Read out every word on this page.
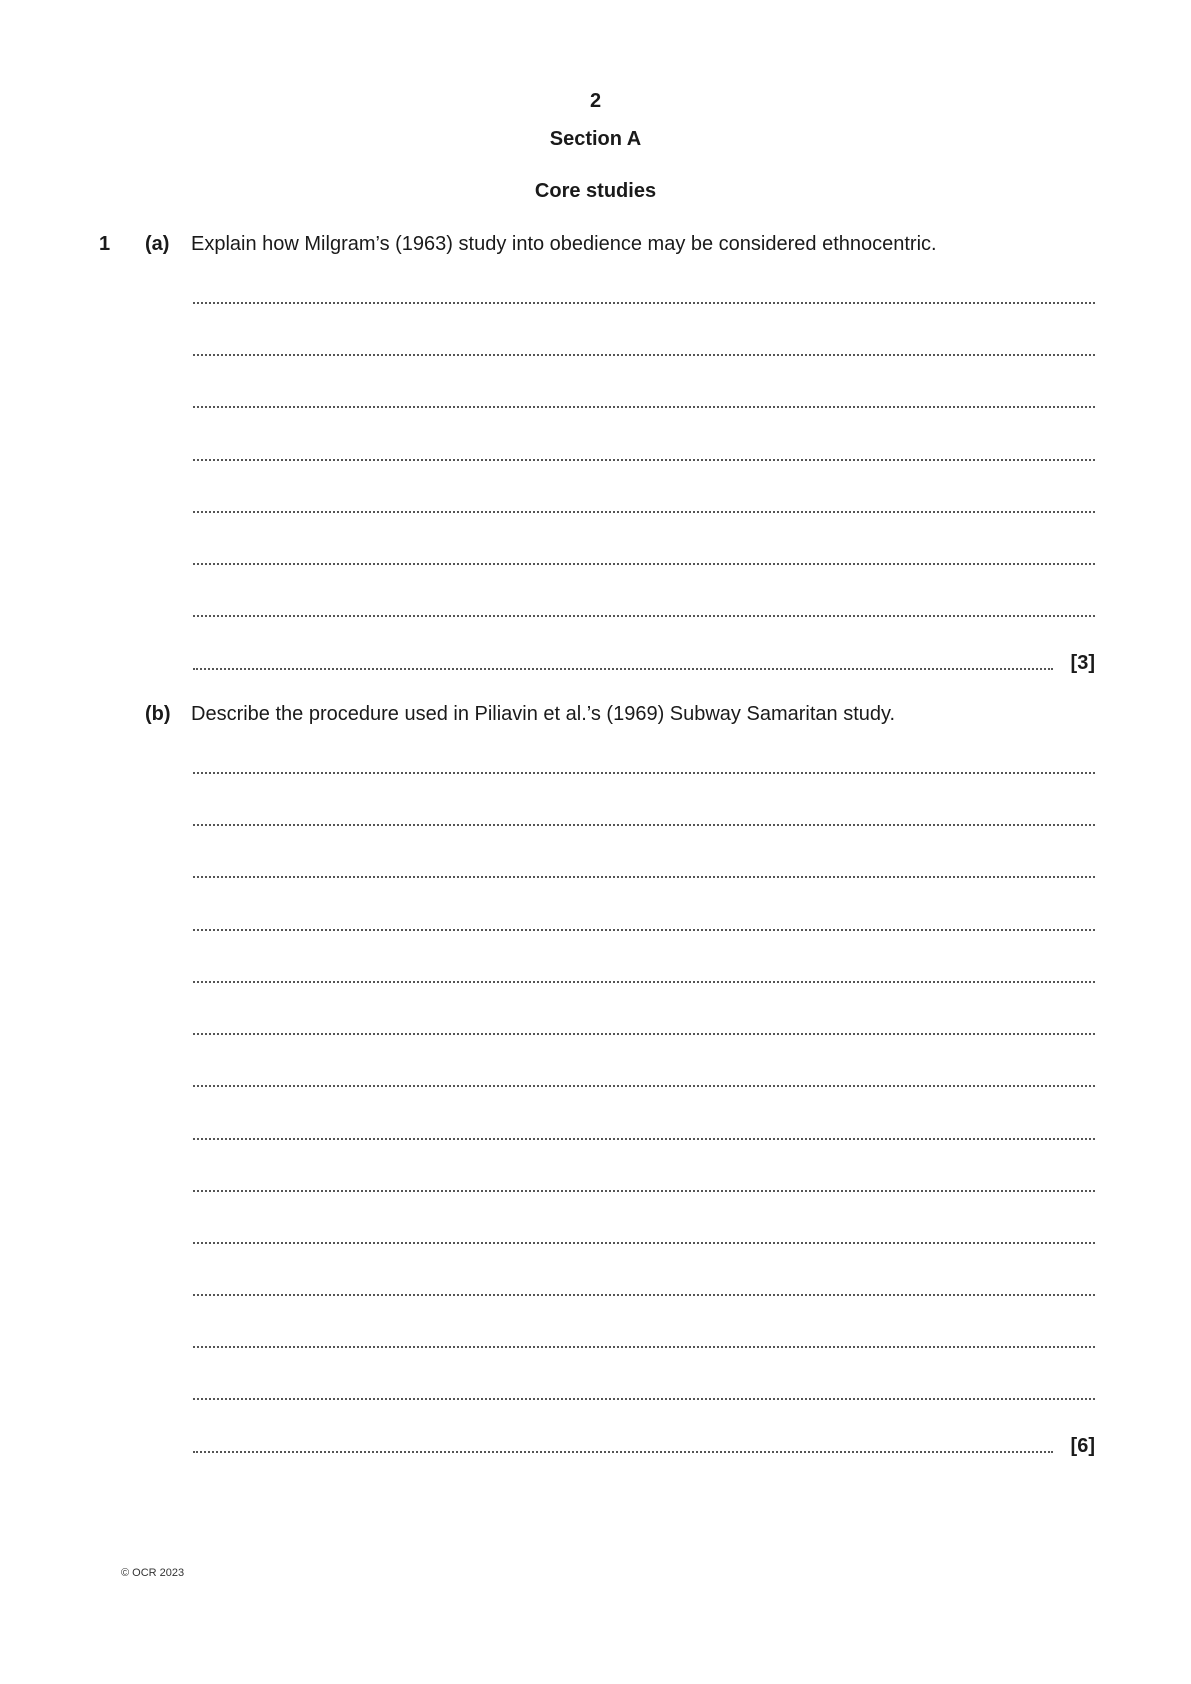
2
Section A
Core studies
1 (a) Explain how Milgram’s (1963) study into obedience may be considered ethnocentric.
[3]
(b) Describe the procedure used in Piliavin et al.’s (1969) Subway Samaritan study.
[6]
© OCR 2023
